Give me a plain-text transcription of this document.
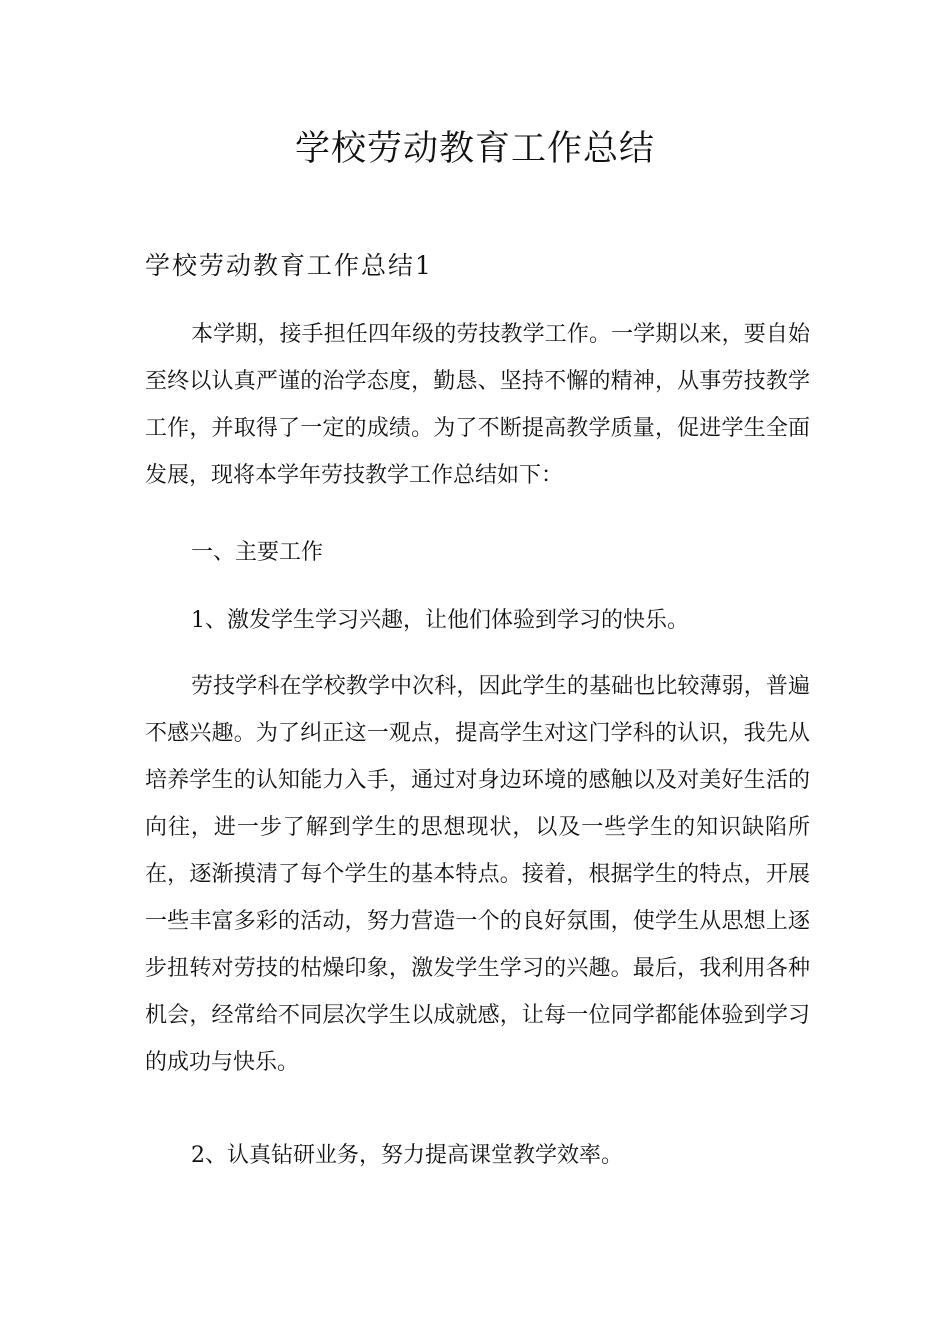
学校劳动教育工作总结
学校劳动教育工作总结1

本学期，接手担任四年级的劳技教学工作。一学期以来，要自始至终以认真严谨的治学态度，勤恳、坚持不懈的精神，从事劳技教学工作，并取得了一定的成绩。为了不断提高教学质量，促进学生全面发展，现将本学年劳技教学工作总结如下：

一、主要工作

1、激发学生学习兴趣，让他们体验到学习的快乐。

劳技学科在学校教学中次科，因此学生的基础也比较薄弱，普遍不感兴趣。为了纠正这一观点，提高学生对这门学科的认识，我先从培养学生的认知能力入手，通过对身边环境的感触以及对美好生活的向往，进一步了解到学生的思想现状，以及一些学生的知识缺陷所在，逐渐摸清了每个学生的基本特点。接着，根据学生的特点，开展一些丰富多彩的活动，努力营造一个的良好氛围，使学生从思想上逐步扭转对劳技的枯燥印象，激发学生学习的兴趣。最后，我利用各种机会，经常给不同层次学生以成就感，让每一位同学都能体验到学习的成功与快乐。

2、认真钻研业务，努力提高课堂教学效率。
